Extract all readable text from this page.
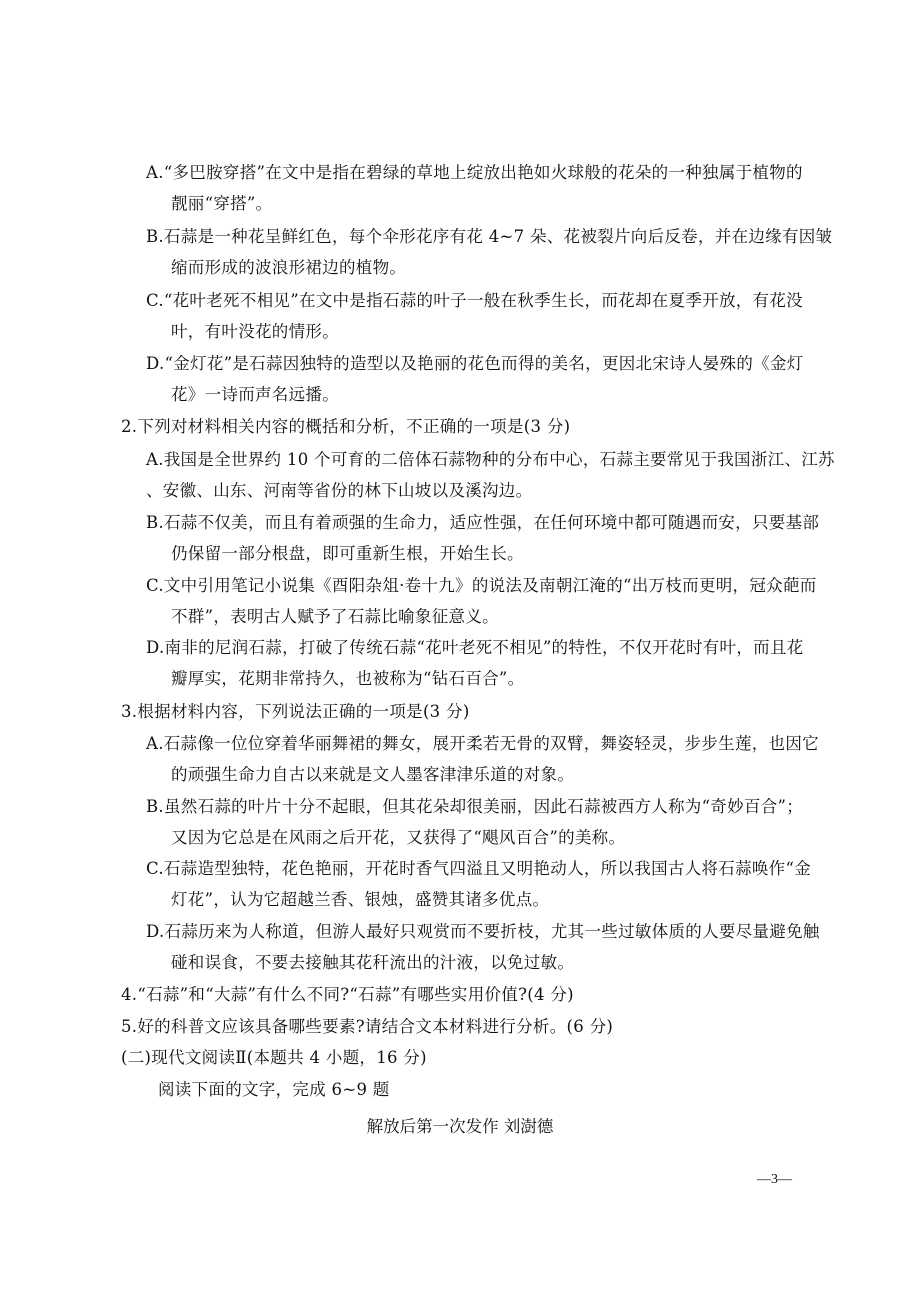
A.“多巴胺穿搭”在文中是指在碧绿的草地上绽放出艳如火球般的花朵的一种独属于植物的
靓丽“穿搭”。
B.石蒜是一种花呈鲜红色，每个伞形花序有花 4~7 朵、花被裂片向后反卷，并在边缘有因皱
缩而形成的波浪形裙边的植物。
C.“花叶老死不相见”在文中是指石蒜的叶子一般在秋季生长，而花却在夏季开放，有花没
叶，有叶没花的情形。
D.“金灯花”是石蒜因独特的造型以及艳丽的花色而得的美名，更因北宋诗人晏殊的《金灯
花》一诗而声名远播。
2.下列对材料相关内容的概括和分析，不正确的一项是(3 分)
A.我国是全世界约 10 个可育的二倍体石蒜物种的分布中心，石蒜主要常见于我国浙江、江苏
、安徽、山东、河南等省份的林下山坡以及溪沟边。
B.石蒜不仅美，而且有着顽强的生命力，适应性强，在任何环境中都可随遇而安，只要基部
仍保留一部分根盘，即可重新生根，开始生长。
C.文中引用笔记小说集《酉阳杂俎·卷十九》的说法及南朝江淹的“出万枝而更明，冠众葩而
不群”，表明古人赋予了石蒜比喻象征意义。
D.南非的尼润石蒜，打破了传统石蒜“花叶老死不相见”的特性，不仅开花时有叶，而且花
瓣厚实，花期非常持久，也被称为“钻石百合”。
3.根据材料内容，下列说法正确的一项是(3 分)
A.石蒜像一位位穿着华丽舞裙的舞女，展开柔若无骨的双臂，舞姿轻灵，步步生莲，也因它
的顽强生命力自古以来就是文人墨客津津乐道的对象。
B.虽然石蒜的叶片十分不起眼，但其花朵却很美丽，因此石蒜被西方人称为“奇妙百合”；
又因为它总是在风雨之后开花，又获得了“飓风百合”的美称。
C.石蒜造型独特，花色艳丽，开花时香气四溢且又明艳动人，所以我国古人将石蒜唤作“金
灯花”，认为它超越兰香、银烛，盛赞其诸多优点。
D.石蒜历来为人称道，但游人最好只观赏而不要折枝，尤其一些过敏体质的人要尽量避免触
碰和误食，不要去接触其花秆流出的汁液，以免过敏。
4.“石蒜”和“大蒜”有什么不同?“石蒜”有哪些实用价值?(4 分)
5.好的科普文应该具备哪些要素?请结合文本材料进行分析。(6 分)
(二)现代文阅读Ⅱ(本题共 4 小题，16 分)
阅读下面的文字，完成 6~9 题
解放后第一次发作 刘澍德
—3—
